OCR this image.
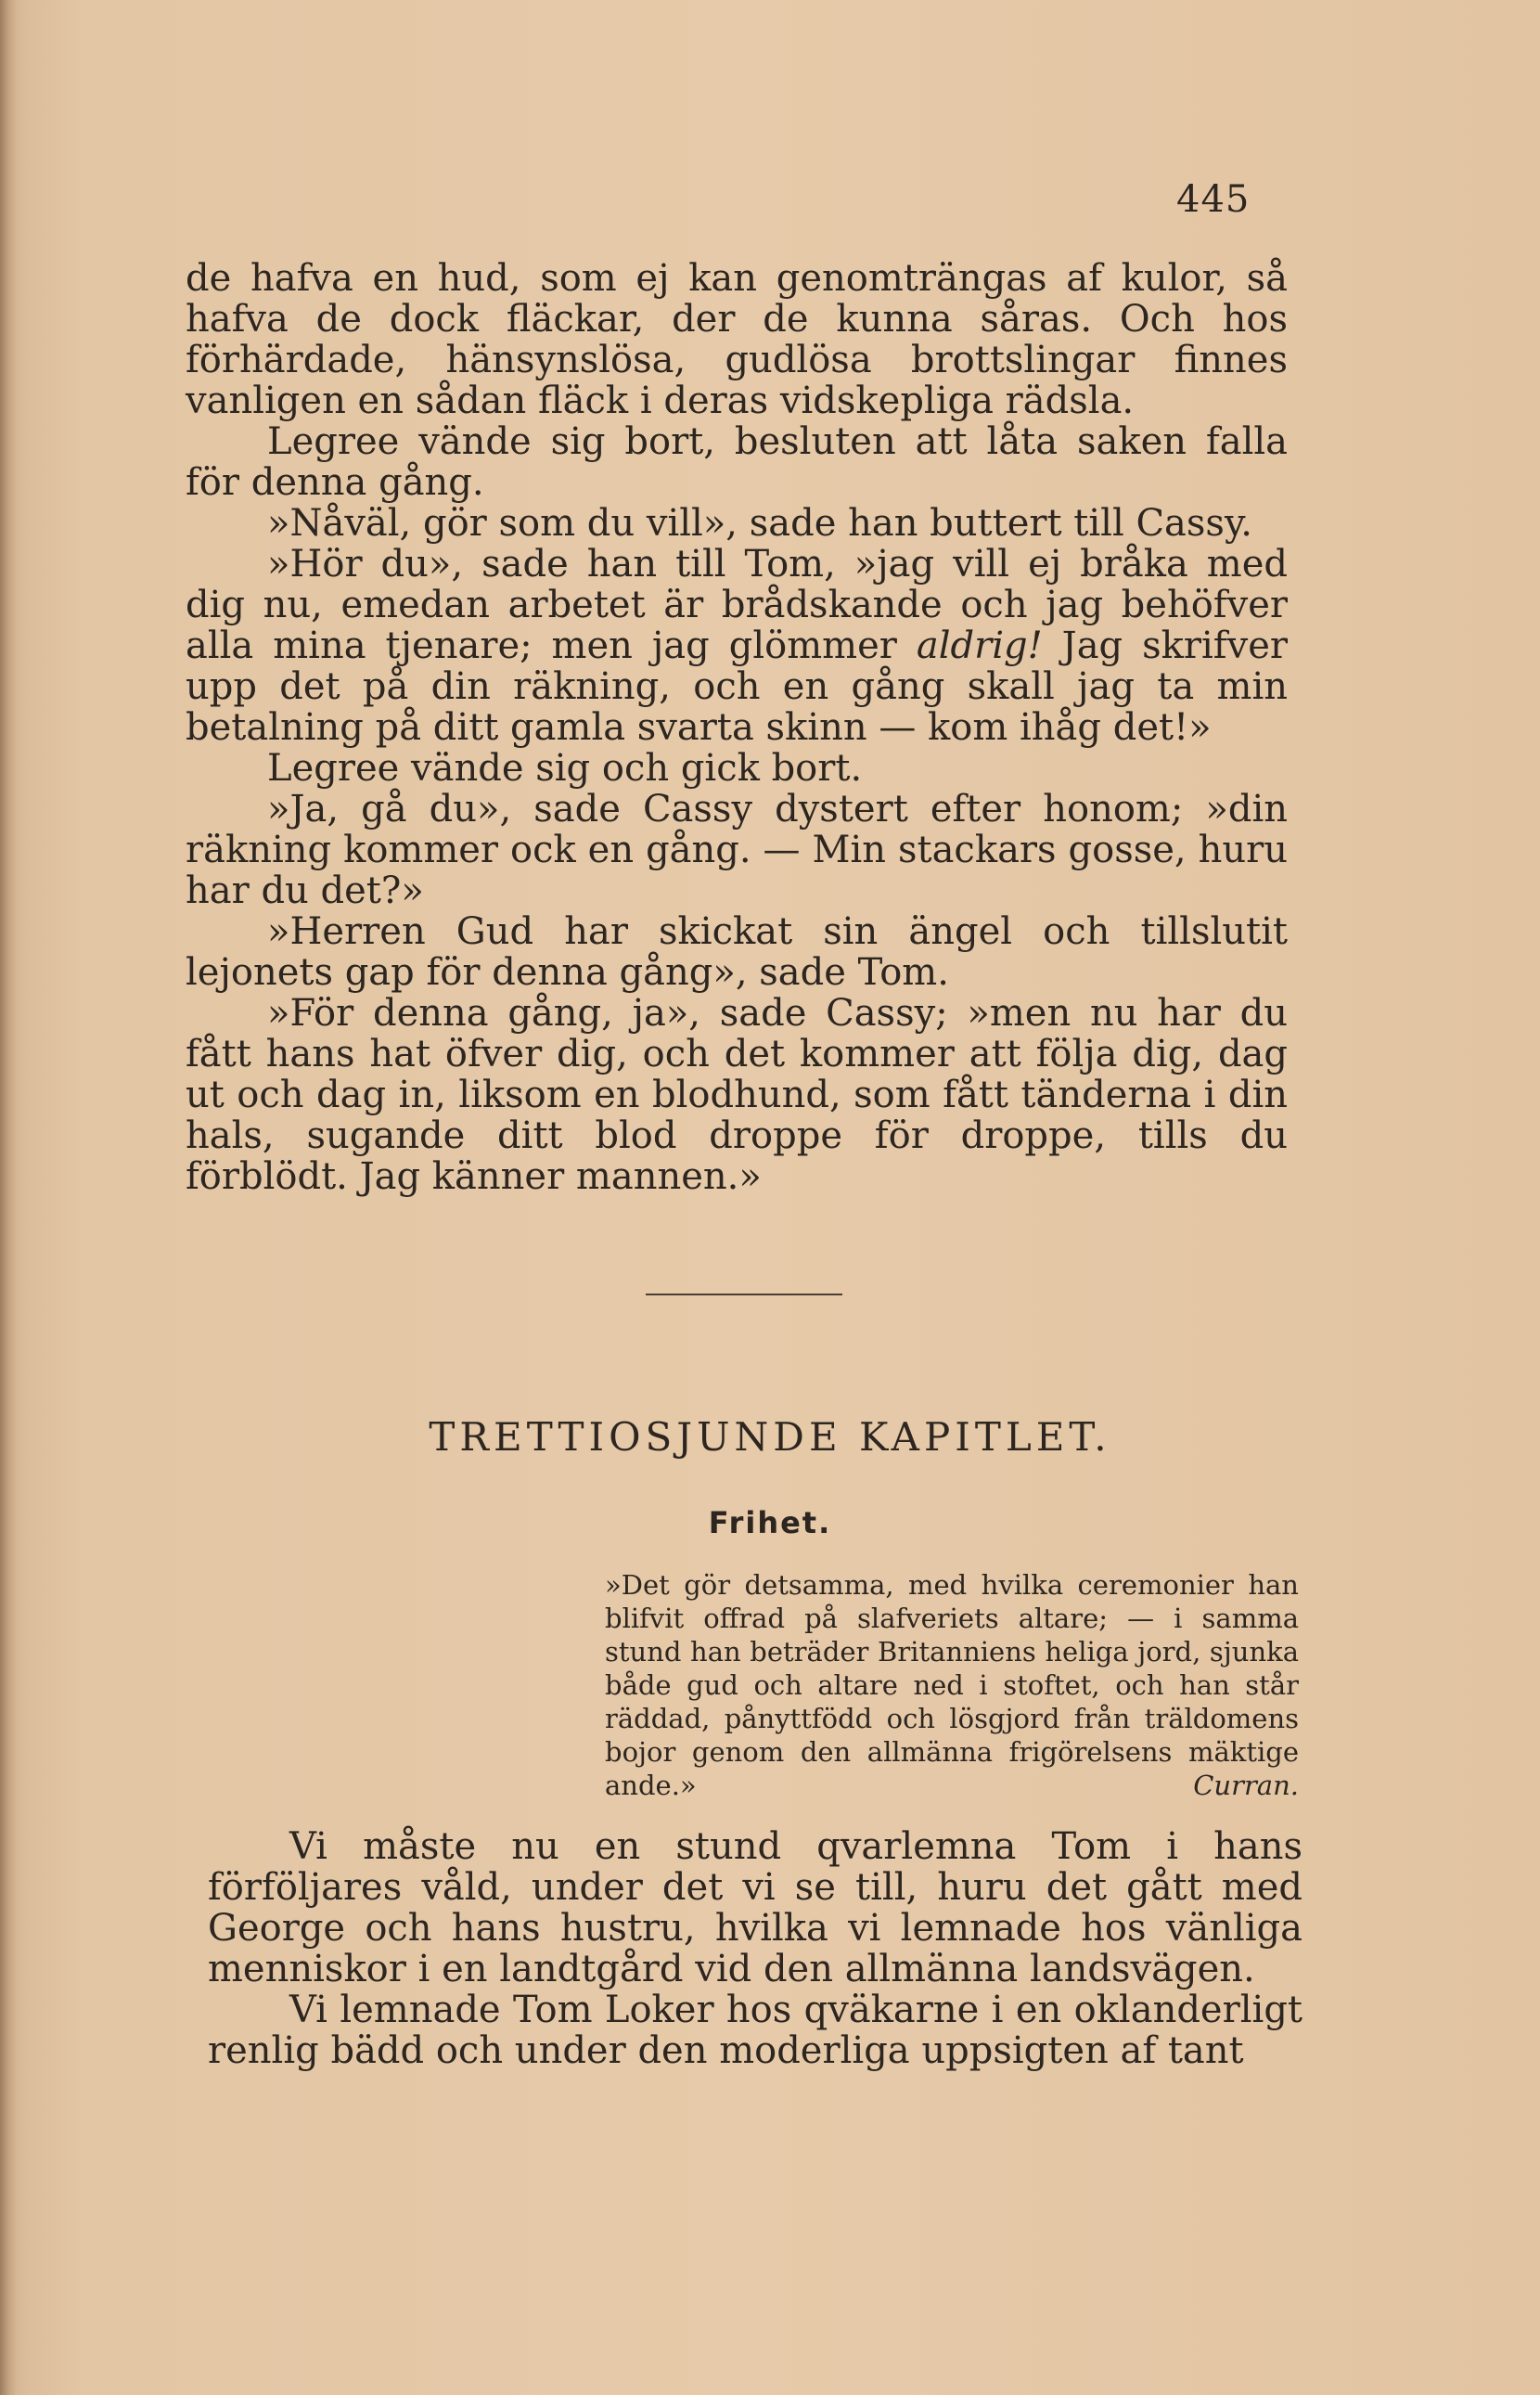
445

de hafva en hud, som ej kan genomträngas af kulor, så hafva de dock fläckar, der de kunna såras. Och hos förhärdade, hänsynslösa, gudlösa brottslingar finnes vanligen en sådan fläck i deras vidskepliga rädsla.

Legree vände sig bort, besluten att låta saken falla för denna gång.

»Nåväl, gör som du vill», sade han buttert till Cassy.

»Hör du», sade han till Tom, »jag vill ej bråka med dig nu, emedan arbetet är brådskande och jag behöfver alla mina tjenare; men jag glömmer aldrig! Jag skrifver upp det på din räkning, och en gång skall jag ta min betalning på ditt gamla svarta skinn — kom ihåg det!»

Legree vände sig och gick bort.

»Ja, gå du», sade Cassy dystert efter honom; »din räkning kommer ock en gång. — Min stackars gosse, huru har du det?»

»Herren Gud har skickat sin ängel och tillslutit lejonets gap för denna gång», sade Tom.

»För denna gång, ja», sade Cassy; »men nu har du fått hans hat öfver dig, och det kommer att följa dig, dag ut och dag in, liksom en blodhund, som fått tänderna i din hals, sugande ditt blod droppe för droppe, tills du förblödt. Jag känner mannen.»

TRETTIOSJUNDE KAPITLET.
Frihet.
»Det gör detsamma, med hvilka ceremonier han blifvit offrad på slafveriets altare; — i samma stund han beträder Britanniens heliga jord, sjunka både gud och altare ned i stoftet, och han står räddad, pånyttfödd och lösgjord från träldomens bojor genom den allmänna frigörelsens mäktige ande.»	Curran.

Vi måste nu en stund qvarlemna Tom i hans förföljares våld, under det vi se till, huru det gått med George och hans hustru, hvilka vi lemnade hos vänliga menniskor i en landtgård vid den allmänna landsvägen.

Vi lemnade Tom Loker hos qväkarne i en oklanderligt renlig bädd och under den moderliga uppsigten af tant
